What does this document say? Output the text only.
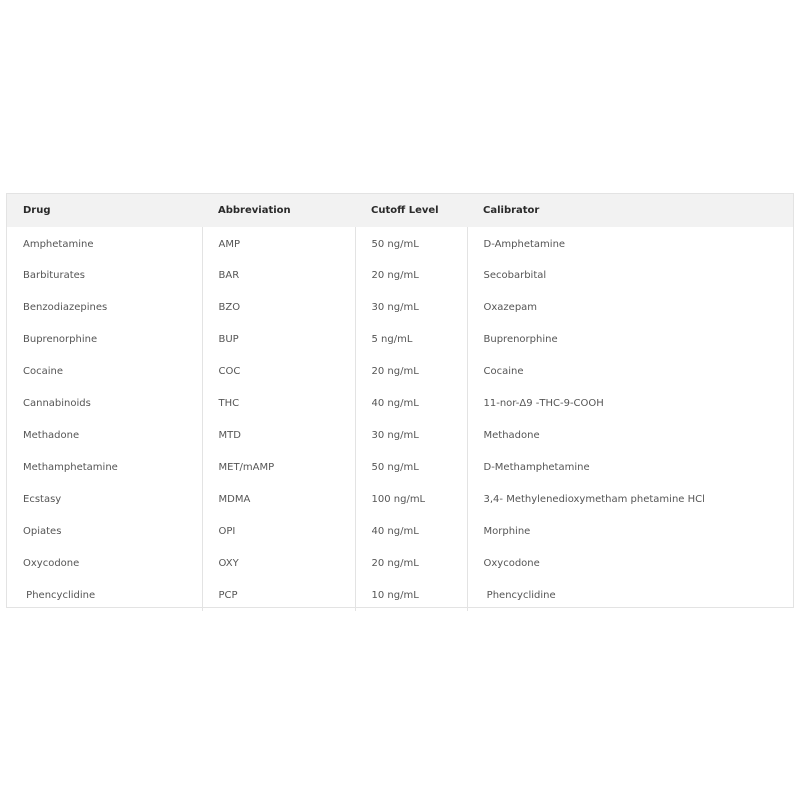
Drug	Abbreviation	Cutoff Level	Calibrator
Amphetamine	AMP	50 ng/mL	D-Amphetamine
Barbiturates	BAR	20 ng/mL	Secobarbital
Benzodiazepines	BZO	30 ng/mL	Oxazepam
Buprenorphine	BUP	5 ng/mL	Buprenorphine
Cocaine	COC	20 ng/mL	Cocaine
Cannabinoids	THC	40 ng/mL	11-nor-Δ9 -THC-9-COOH
Methadone	MTD	30 ng/mL	Methadone
Methamphetamine	MET/mAMP	50 ng/mL	D-Methamphetamine
Ecstasy	MDMA	100 ng/mL	3,4- Methylenedioxymetham phetamine HCl
Opiates	OPI	40 ng/mL	Morphine
Oxycodone	OXY	20 ng/mL	Oxycodone
Phencyclidine	PCP	10 ng/mL	Phencyclidine
